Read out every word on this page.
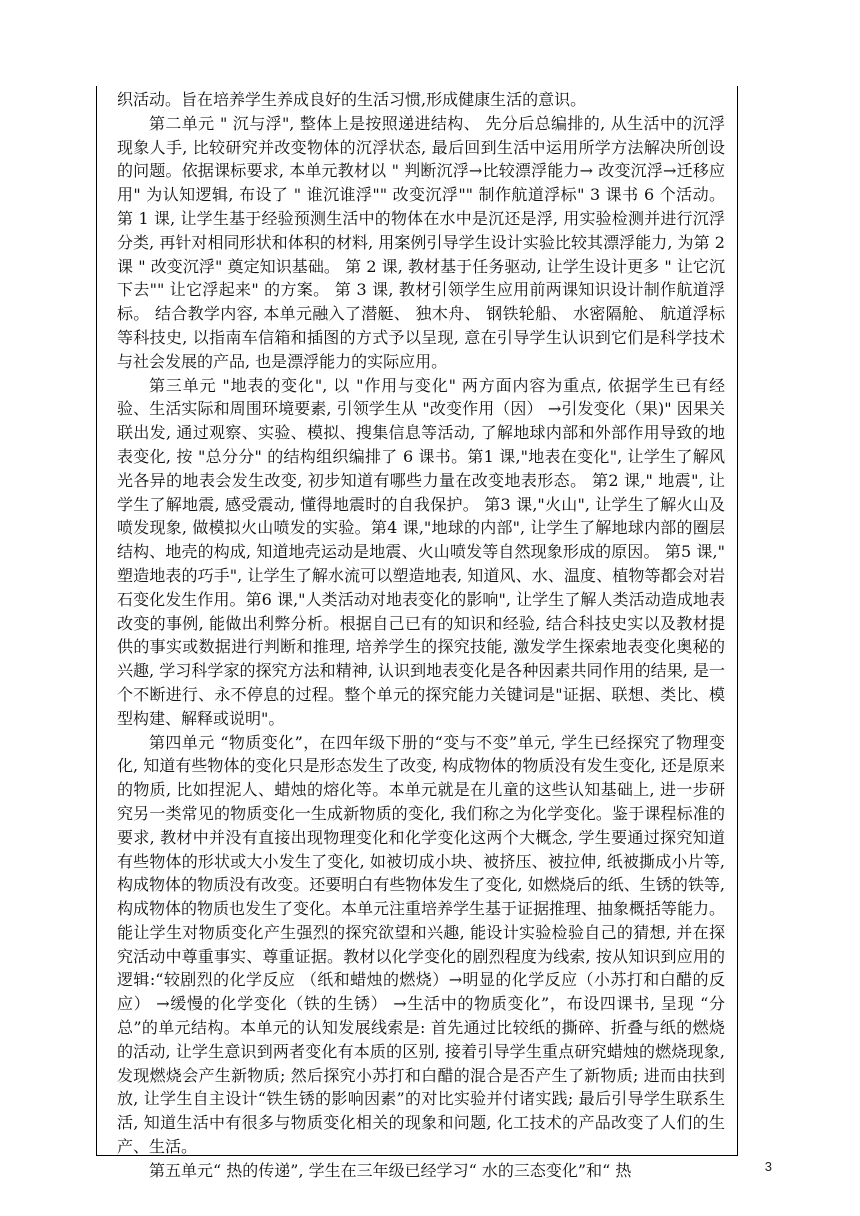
织活动。旨在培养学生养成良好的生活习惯,形成健康生活的意识。

第二单元 " 沉与浮", 整体上是按照递进结构、 先分后总编排的, 从生活中的沉浮现象人手, 比较研究并改变物体的沉浮状态, 最后回到生活中运用所学方法解决所创设的问题。依据课标要求, 本单元教材以 " 判断沉浮→比较漂浮能力→ 改变沉浮→迁移应用" 为认知逻辑, 布设了 " 谁沉谁浮"" 改变沉浮"" 制作航道浮标" 3 课书 6 个活动。 第 1 课, 让学生基于经验预测生活中的物体在水中是沉还是浮, 用实验检测并进行沉浮分类, 再针对相同形状和体积的材料, 用案例引导学生设计实验比较其漂浮能力, 为第 2 课 " 改变沉浮" 奠定知识基础。 第 2 课, 教材基于任务驱动, 让学生设计更多 " 让它沉下去"" 让它浮起来" 的方案。 第 3 课, 教材引领学生应用前两课知识设计制作航道浮标。 结合教学内容, 本单元融入了潜艇、 独木舟、 钢铁轮船、 水密隔舱、 航道浮标等科技史, 以指南车信箱和插图的方式予以呈现, 意在引导学生认识到它们是科学技术与社会发展的产品, 也是漂浮能力的实际应用。

第三单元 "地表的变化", 以 "作用与变化" 两方面内容为重点, 依据学生已有经验、生活实际和周围环境要素, 引领学生从 "改变作用（因） →引发变化（果)" 因果关联出发, 通过观察、实验、模拟、搜集信息等活动, 了解地球内部和外部作用导致的地表变化, 按 "总分分" 的结构组织编排了 6 课书。第1 课,"地表在变化", 让学生了解风光各异的地表会发生改变, 初步知道有哪些力量在改变地表形态。 第2 课," 地震", 让学生了解地震, 感受震动, 懂得地震时的自我保护。 第3 课,"火山", 让学生了解火山及喷发现象, 做模拟火山喷发的实验。第4 课,"地球的内部", 让学生了解地球内部的圈层结构、地壳的构成, 知道地壳运动是地震、火山喷发等自然现象形成的原因。 第5 课," 塑造地表的巧手", 让学生了解水流可以塑造地表, 知道风、水、温度、植物等都会对岩石变化发生作用。第6 课,"人类活动对地表变化的影响", 让学生了解人类活动造成地表改变的事例, 能做出利弊分析。根据自己已有的知识和经验, 结合科技史实以及教材提供的事实或数据进行判断和推理, 培养学生的探究技能, 激发学生探索地表变化奥秘的兴趣, 学习科学家的探究方法和精神, 认识到地表变化是各种因素共同作用的结果, 是一个不断进行、永不停息的过程。整个单元的探究能力关键词是"证据、联想、类比、模型构建、解释或说明"。

第四单元 “物质变化”，在四年级下册的“变与不变”单元, 学生已经探究了物理变化, 知道有些物体的变化只是形态发生了改变, 构成物体的物质没有发生变化, 还是原来的物质, 比如捏泥人、蜡烛的熔化等。本单元就是在儿童的这些认知基础上, 进一步研究另一类常见的物质变化一生成新物质的变化, 我们称之为化学变化。鉴于课程标准的要求, 教材中并没有直接出现物理变化和化学变化这两个大概念, 学生要通过探究知道有些物体的形状或大小发生了变化, 如被切成小块、被挤压、被拉伸, 纸被撕成小片等, 构成物体的物质没有改变。还要明白有些物体发生了变化, 如燃烧后的纸、生锈的铁等, 构成物体的物质也发生了变化。本单元注重培养学生基于证据推理、抽象概括等能力。能让学生对物质变化产生强烈的探究欲望和兴趣, 能设计实验检验自己的猜想, 并在探究活动中尊重事实、尊重证据。教材以化学变化的剧烈程度为线索, 按从知识到应用的逻辑:“较剧烈的化学反应 （纸和蜡烛的燃烧）→明显的化学反应（小苏打和白醋的反应） →缓慢的化学变化（铁的生锈） →生活中的物质变化”，布设四课书, 呈现 “分总”的单元结构。本单元的认知发展线索是: 首先通过比较纸的撕碎、折叠与纸的燃烧的活动, 让学生意识到两者变化有本质的区别, 接着引导学生重点研究蜡烛的燃烧现象, 发现燃烧会产生新物质; 然后探究小苏打和白醋的混合是否产生了新物质; 进而由扶到放, 让学生自主设计“铁生锈的影响因素”的对比实验并付诸实践; 最后引导学生联系生活, 知道生活中有很多与物质变化相关的现象和问题, 化工技术的产品改变了人们的生产、生活。

第五单元“ 热的传递”, 学生在三年级已经学习“ 水的三态变化”和“ 热	3
